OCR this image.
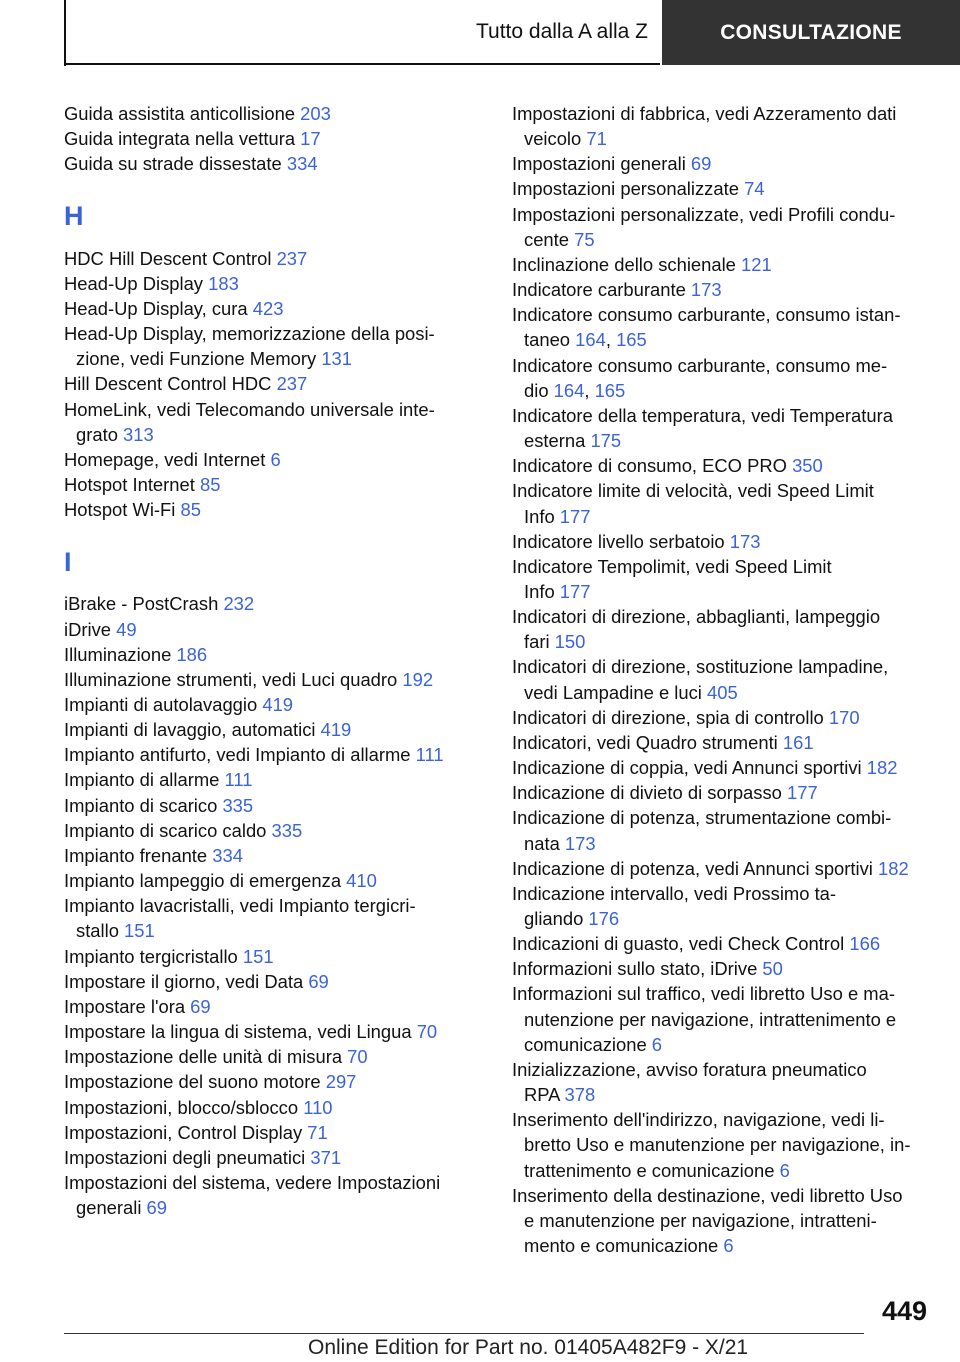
Tutto dalla A alla Z	CONSULTAZIONE
Guida assistita anticollisione 203
Guida integrata nella vettura 17
Guida su strade dissestate 334
H
HDC Hill Descent Control 237
Head-Up Display 183
Head-Up Display, cura 423
Head-Up Display, memorizzazione della posi-
zione, vedi Funzione Memory 131
Hill Descent Control HDC 237
HomeLink, vedi Telecomando universale inte-
grato 313
Homepage, vedi Internet 6
Hotspot Internet 85
Hotspot Wi-Fi 85
I
iBrake - PostCrash 232
iDrive 49
Illuminazione 186
Illuminazione strumenti, vedi Luci quadro 192
Impianti di autolavaggio 419
Impianti di lavaggio, automatici 419
Impianto antifurto, vedi Impianto di allarme 111
Impianto di allarme 111
Impianto di scarico 335
Impianto di scarico caldo 335
Impianto frenante 334
Impianto lampeggio di emergenza 410
Impianto lavacristalli, vedi Impianto tergicri-
stallo 151
Impianto tergicristallo 151
Impostare il giorno, vedi Data 69
Impostare l'ora 69
Impostare la lingua di sistema, vedi Lingua 70
Impostazione delle unità di misura 70
Impostazione del suono motore 297
Impostazioni, blocco/sblocco 110
Impostazioni, Control Display 71
Impostazioni degli pneumatici 371
Impostazioni del sistema, vedere Impostazioni
generali 69
Impostazioni di fabbrica, vedi Azzeramento dati
veicolo 71
Impostazioni generali 69
Impostazioni personalizzate 74
Impostazioni personalizzate, vedi Profili condu-
cente 75
Inclinazione dello schienale 121
Indicatore carburante 173
Indicatore consumo carburante, consumo istan-
taneo 164, 165
Indicatore consumo carburante, consumo me-
dio 164, 165
Indicatore della temperatura, vedi Temperatura
esterna 175
Indicatore di consumo, ECO PRO 350
Indicatore limite di velocità, vedi Speed Limit
Info 177
Indicatore livello serbatoio 173
Indicatore Tempolimit, vedi Speed Limit
Info 177
Indicatori di direzione, abbaglianti, lampeggio
fari 150
Indicatori di direzione, sostituzione lampadine,
vedi Lampadine e luci 405
Indicatori di direzione, spia di controllo 170
Indicatori, vedi Quadro strumenti 161
Indicazione di coppia, vedi Annunci sportivi 182
Indicazione di divieto di sorpasso 177
Indicazione di potenza, strumentazione combi-
nata 173
Indicazione di potenza, vedi Annunci sportivi 182
Indicazione intervallo, vedi Prossimo ta-
gliando 176
Indicazioni di guasto, vedi Check Control 166
Informazioni sullo stato, iDrive 50
Informazioni sul traffico, vedi libretto Uso e ma-
nutenzione per navigazione, intrattenimento e
comunicazione 6
Inizializzazione, avviso foratura pneumatico
RPA 378
Inserimento dell'indirizzo, navigazione, vedi li-
bretto Uso e manutenzione per navigazione, in-
trattenimento e comunicazione 6
Inserimento della destinazione, vedi libretto Uso
e manutenzione per navigazione, intratteni-
mento e comunicazione 6
449
Online Edition for Part no. 01405A482F9 - X/21
